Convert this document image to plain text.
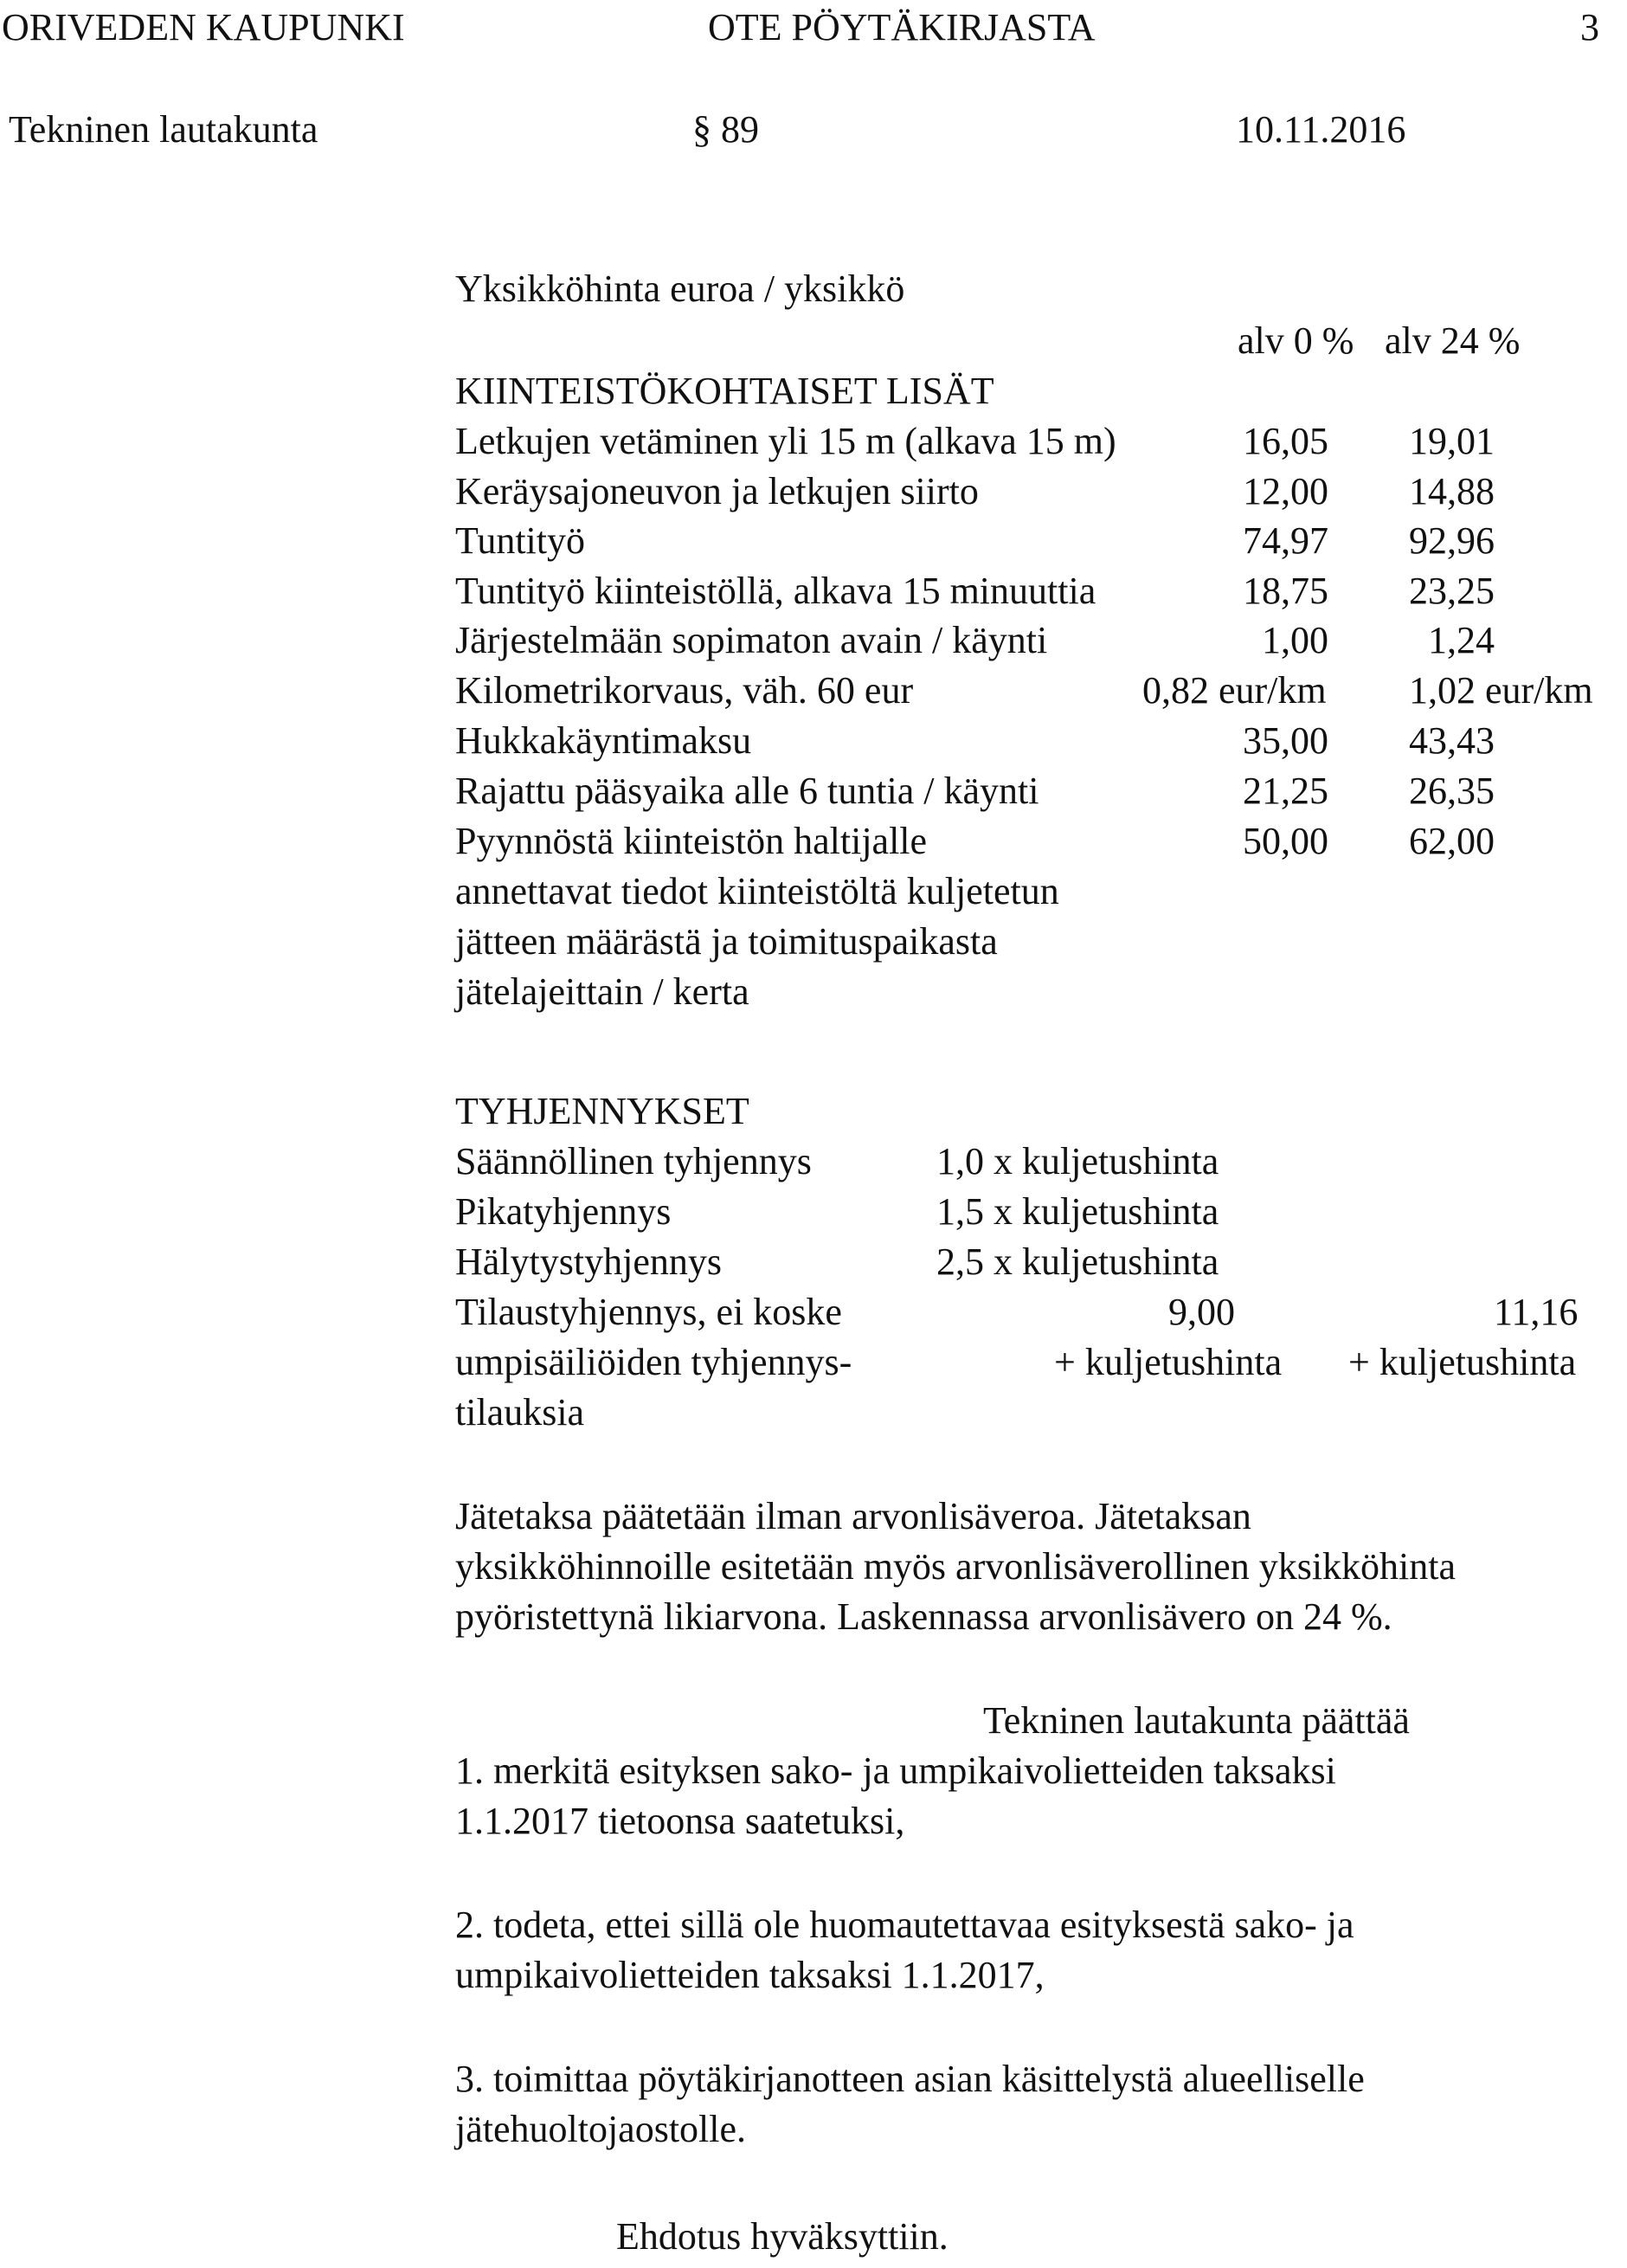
ORIVEDEN KAUPUNKI	OTE PÖYTÄKIRJASTA	3
Tekninen lautakunta	§ 89	10.11.2016
Yksikköhinta euroa / yksikkö
alv 0 % alv 24 %
KIINTEISTÖKOHTAISET LISÄT
Letkujen vetäminen yli 15 m (alkava 15 m)	16,05 19,01
Keräysajoneuvon ja letkujen siirto	12,00 14,88
Tuntityö	74,97 92,96
Tuntityö kiinteistöllä, alkava 15 minuuttia	18,75 23,25
Järjestelmään sopimaton avain / käynti	1,00	1,24
Kilometrikorvaus, väh. 60 eur	0,82 eur/km 1,02 eur/km
Hukkakäyntimaksu	35,00 43,43
Rajattu pääsyaika alle 6 tuntia / käynti	21,25 26,35
Pyynnöstä kiinteistön haltijalle	50,00 62,00
annettavat tiedot kiinteistöltä kuljetetun
jätteen määrästä ja toimituspaikasta
jätelajeittain / kerta
TYHJENNYKSET
Säännöllinen tyhjennys	1,0 x kuljetushinta
Pikatyhjennys	1,5 x kuljetushinta
Hälytystyhjennys	2,5 x kuljetushinta
Tilaustyhjennys, ei koske	9,00	11,16
umpisäiliöiden tyhjennys-	+ kuljetushinta + kuljetushinta
tilauksia
Jätetaksa päätetään ilman arvonlisäveroa. Jätetaksan
yksikköhinnoille esitetään myös arvonlisäverollinen yksikköhinta
pyöristettynä likiarvona. Laskennassa arvonlisävero on 24 %.
Tekninen lautakunta päättää
1. merkitä esityksen sako- ja umpikaivolietteiden taksaksi
1.1.2017 tietoonsa saatetuksi,
2. todeta, ettei sillä ole huomautettavaa esityksestä sako- ja
umpikaivolietteiden taksaksi 1.1.2017,
3. toimittaa pöytäkirjanotteen asian käsittelystä alueelliselle
jätehuoltojaostolle.
Ehdotus hyväksyttiin.
